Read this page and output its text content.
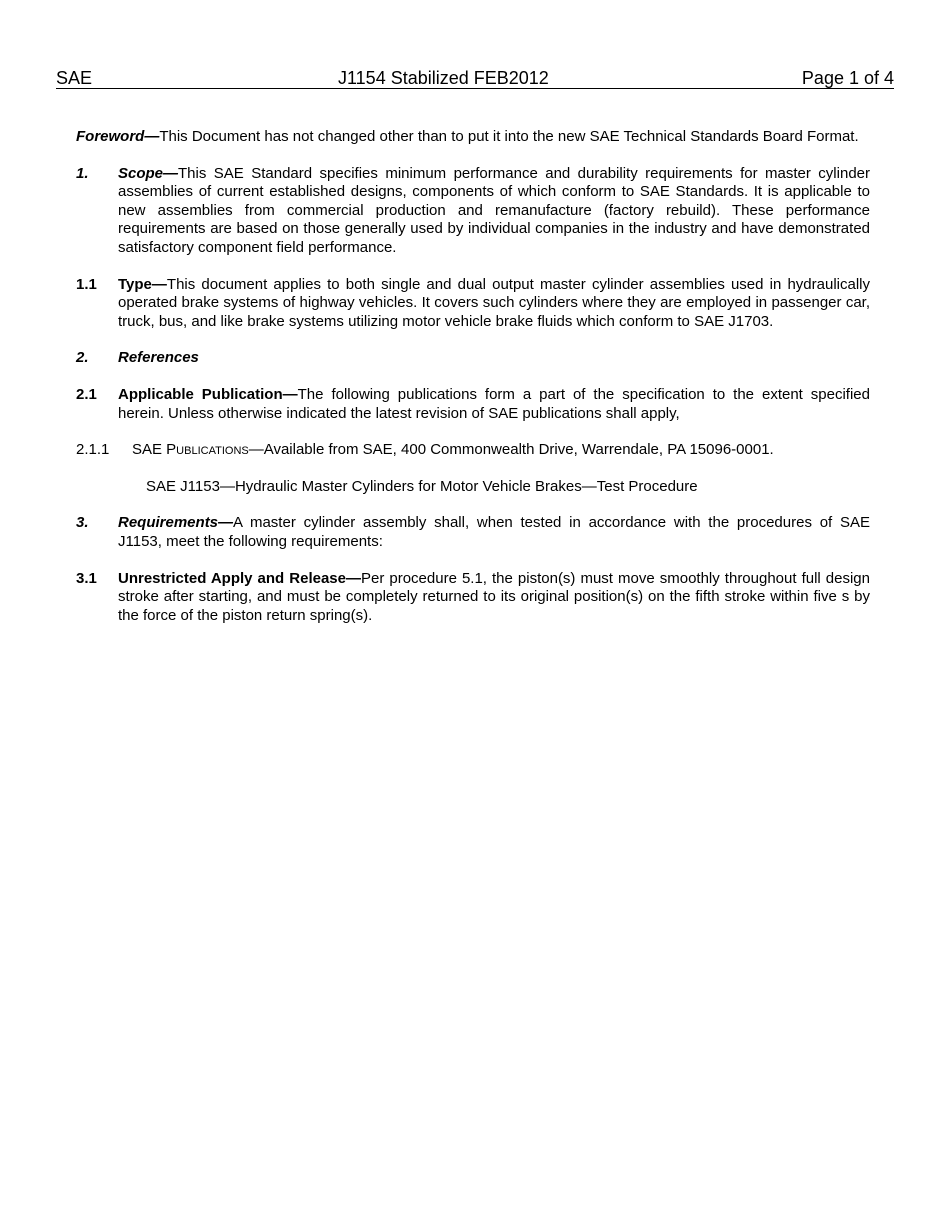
SAE	J1154 Stabilized FEB2012	Page 1 of 4
Foreword—This Document has not changed other than to put it into the new SAE Technical Standards Board Format.
1.	Scope—This SAE Standard specifies minimum performance and durability requirements for master cylinder assemblies of current established designs, components of which conform to SAE Standards. It is applicable to new assemblies from commercial production and remanufacture (factory rebuild). These performance requirements are based on those generally used by individual companies in the industry and have demonstrated satisfactory component field performance.
1.1	Type—This document applies to both single and dual output master cylinder assemblies used in hydraulically operated brake systems of highway vehicles. It covers such cylinders where they are employed in passenger car, truck, bus, and like brake systems utilizing motor vehicle brake fluids which conform to SAE J1703.
2.	References
2.1	Applicable Publication—The following publications form a part of the specification to the extent specified herein. Unless otherwise indicated the latest revision of SAE publications shall apply,
2.1.1	SAE Publications—Available from SAE, 400 Commonwealth Drive, Warrendale, PA 15096-0001.
SAE J1153—Hydraulic Master Cylinders for Motor Vehicle Brakes—Test Procedure
3.	Requirements—A master cylinder assembly shall, when tested in accordance with the procedures of SAE J1153, meet the following requirements:
3.1	Unrestricted Apply and Release—Per procedure 5.1, the piston(s) must move smoothly throughout full design stroke after starting, and must be completely returned to its original position(s) on the fifth stroke within five s by the force of the piston return spring(s).
